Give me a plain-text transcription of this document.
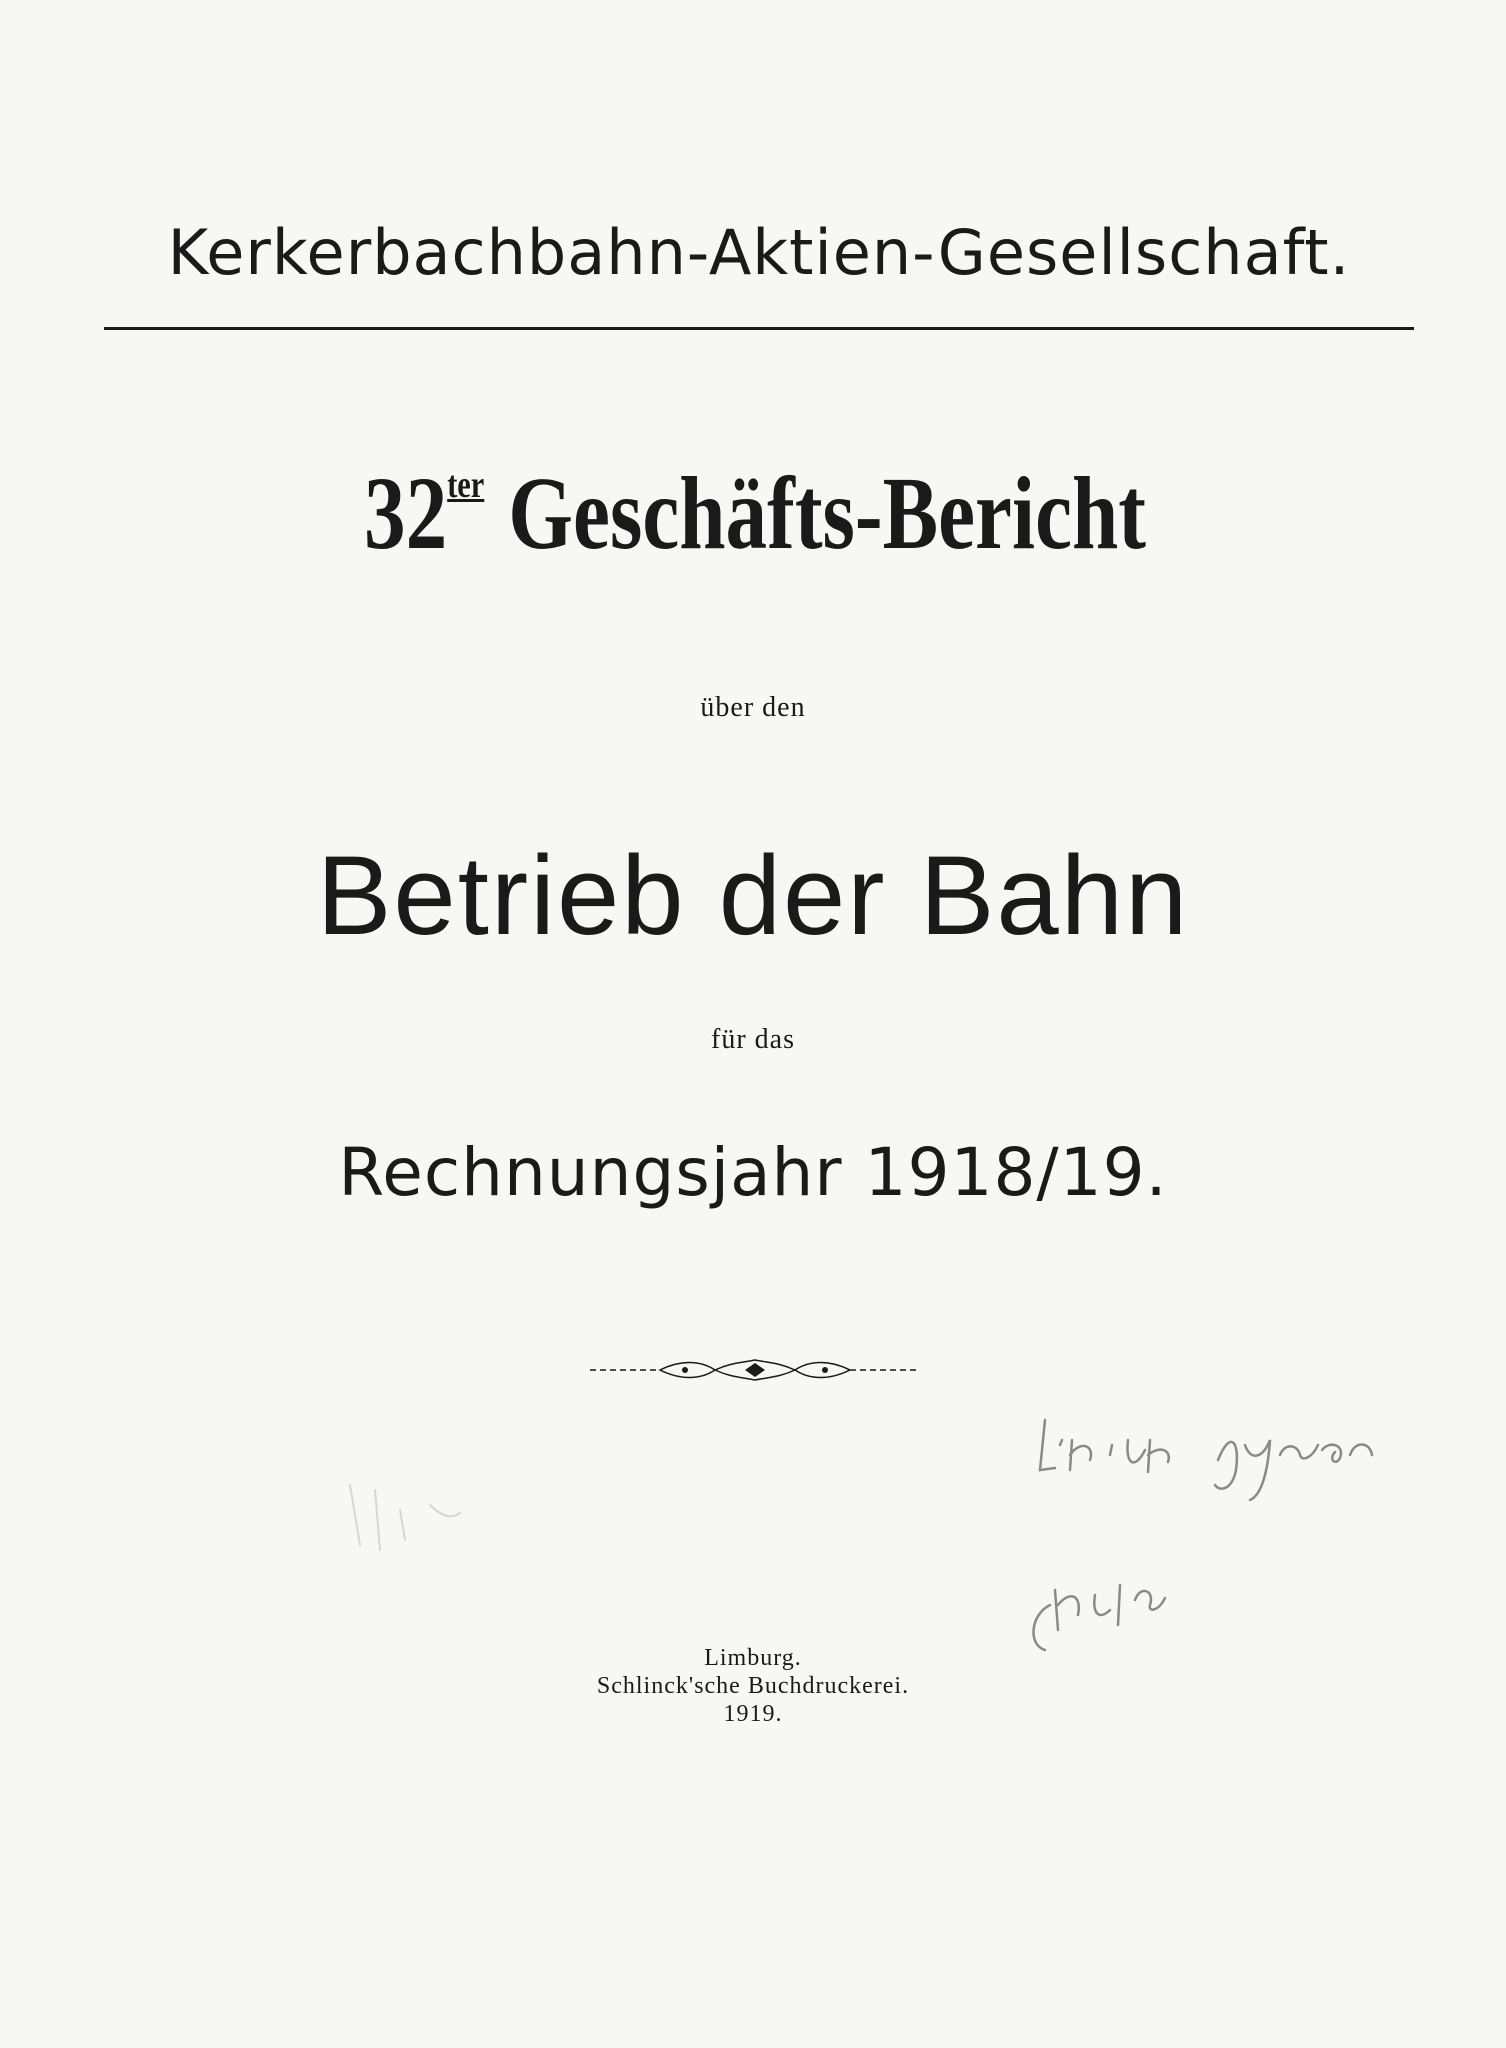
Kerkerbachbahn-Aktien-Gesellschaft.
$32^{ter}$ Geschäfts-Bericht
über den
Betrieb der Bahn
für das
Rechnungsjahr 1918/19.
Limburg.
Schlinck'sche Buchdruckerei.
1919.
